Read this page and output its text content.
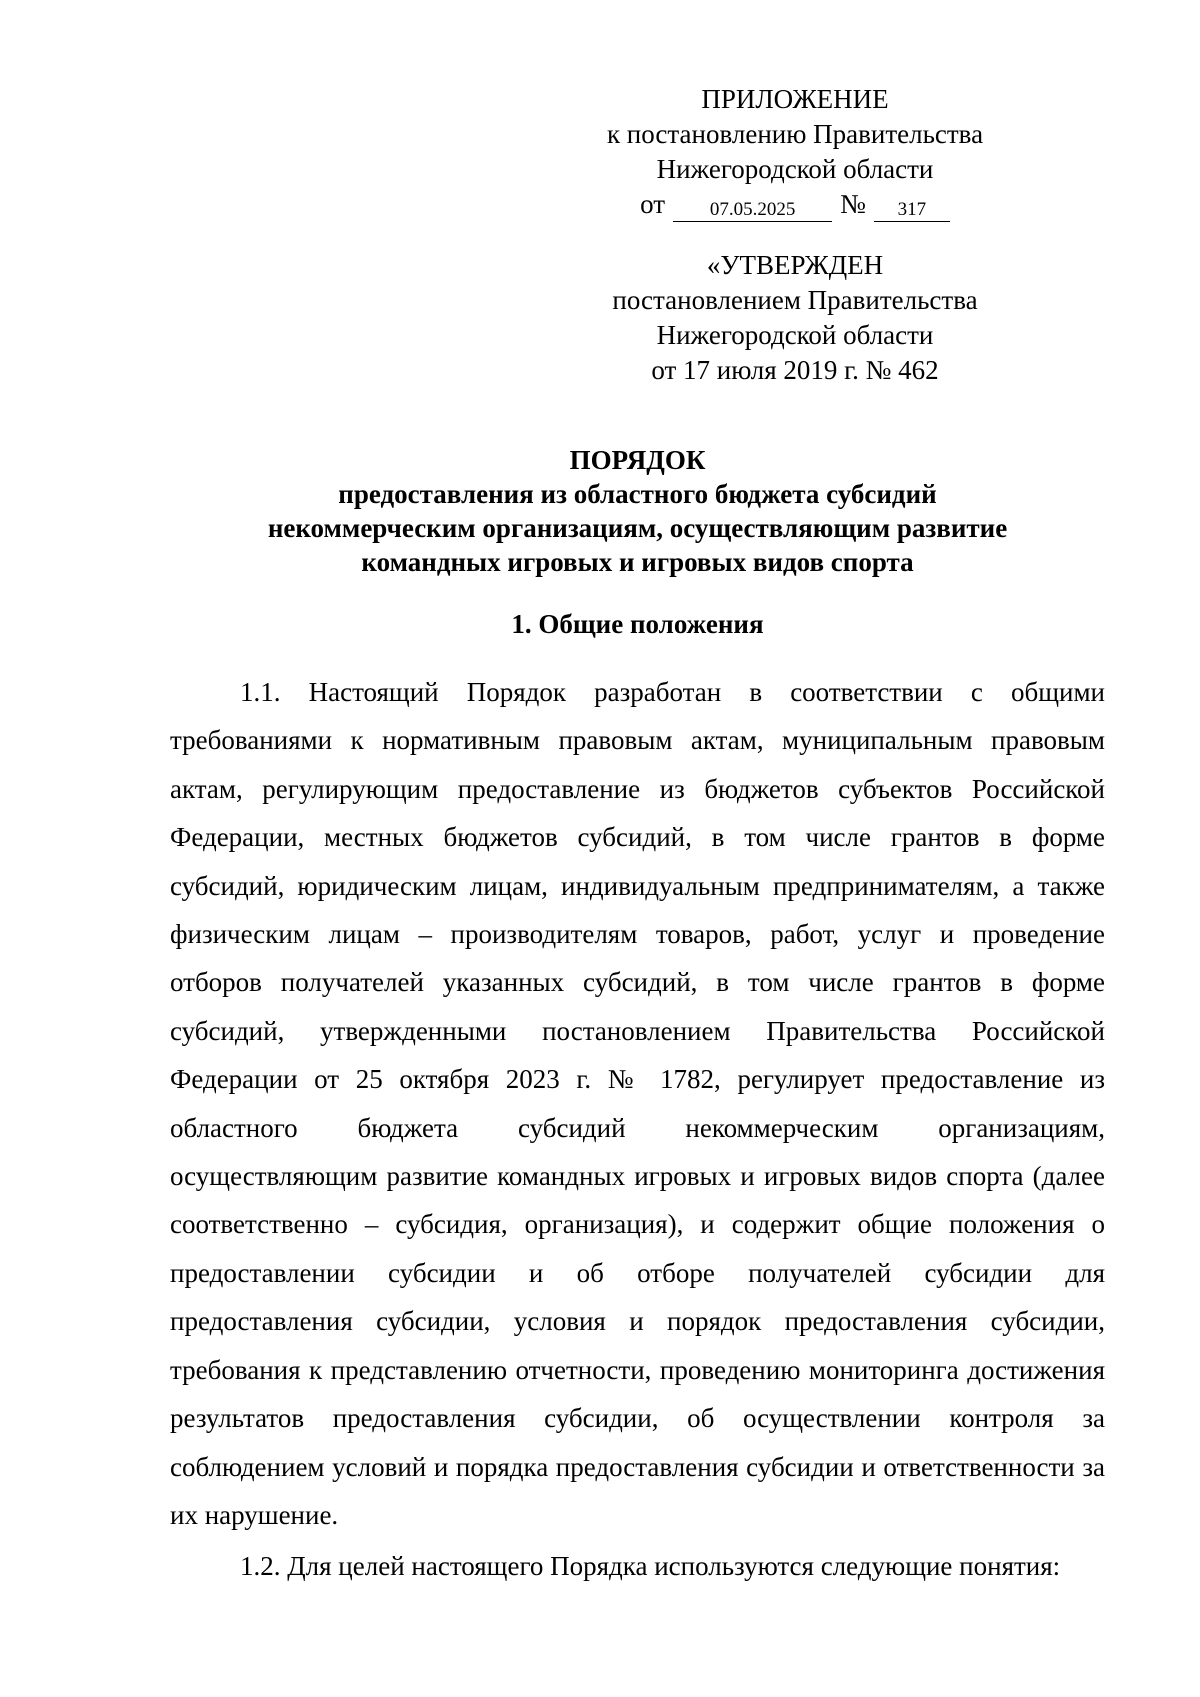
ПРИЛОЖЕНИЕ
к постановлению Правительства
Нижегородской области
от	07.05.2025	№	317
«УТВЕРЖДЕН
постановлением Правительства
Нижегородской области
от 17 июля 2019 г. № 462
ПОРЯДОК
предоставления из областного бюджета субсидий
некоммерческим организациям, осуществляющим развитие
командных игровых и игровых видов спорта
1. Общие положения

1.1. Настоящий Порядок разработан в соответствии с общими требованиями к нормативным правовым актам, муниципальным правовым актам, регулирующим предоставление из бюджетов субъектов Российской Федерации, местных бюджетов субсидий, в том числе грантов в форме субсидий, юридическим лицам, индивидуальным предпринимателям, а также физическим лицам – производителям товаров, работ, услуг и проведение отборов получателей указанных субсидий, в том числе грантов в форме субсидий, утвержденными постановлением Правительства Российской Федерации от 25 октября 2023 г. № 1782, регулирует предоставление из областного бюджета субсидий некоммерческим организациям, осуществляющим развитие командных игровых и игровых видов спорта (далее соответственно – субсидия, организация), и содержит общие положения о предоставлении субсидии и об отборе получателей субсидии для предоставления субсидии, условия и порядок предоставления субсидии, требования к представлению отчетности, проведению мониторинга достижения результатов предоставления субсидии, об осуществлении контроля за соблюдением условий и порядка предоставления субсидии и ответственности за их нарушение.

1.2. Для целей настоящего Порядка используются следующие понятия:
